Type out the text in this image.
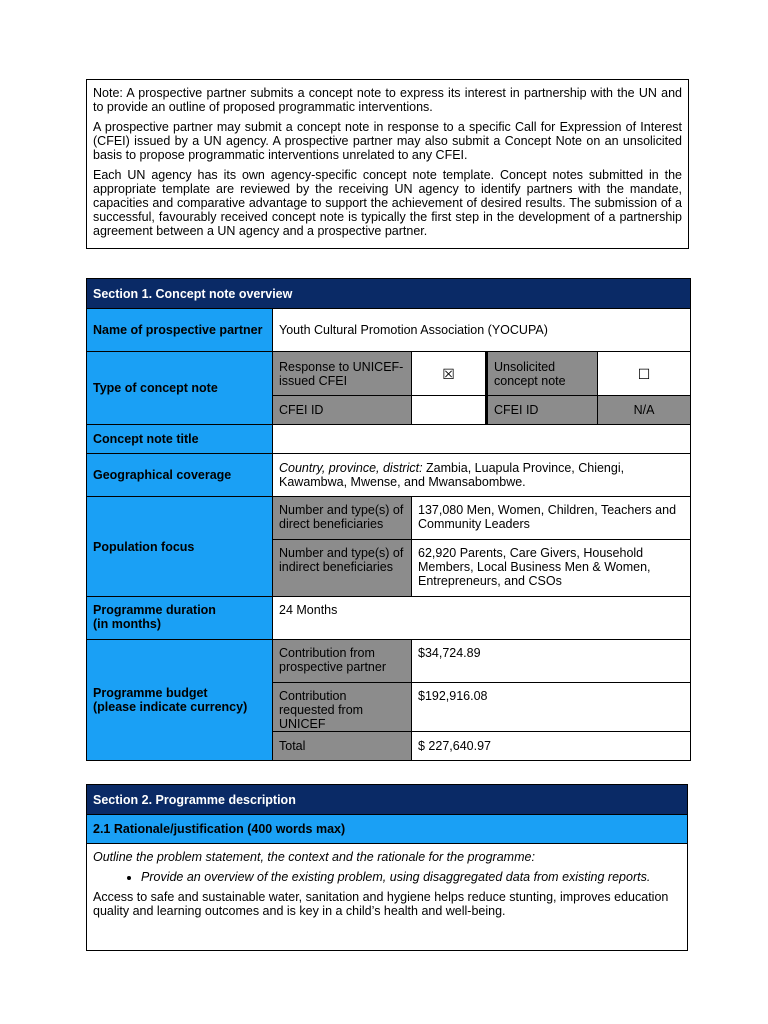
Note: A prospective partner submits a concept note to express its interest in partnership with the UN and to provide an outline of proposed programmatic interventions.

A prospective partner may submit a concept note in response to a specific Call for Expression of Interest (CFEI) issued by a UN agency. A prospective partner may also submit a Concept Note on an unsolicited basis to propose programmatic interventions unrelated to any CFEI.

Each UN agency has its own agency-specific concept note template. Concept notes submitted in the appropriate template are reviewed by the receiving UN agency to identify partners with the mandate, capacities and comparative advantage to support the achievement of desired results. The submission of a successful, favourably received concept note is typically the first step in the development of a partnership agreement between a UN agency and a prospective partner.

Section 1. Concept note overview				
Name of prospective partner	Youth Cultural Promotion Association (YOCUPA)			
Type of concept note	Response to UNICEF-issued CFEI	☒	Unsolicited concept note	☐
	CFEI ID		CFEI ID	N/A
Concept note title				
Geographical coverage	Country, province, district: Zambia, Luapula Province, Chiengi, Kawambwa, Mwense, and Mwansabombwe.			
Population focus	Number and type(s) of direct beneficiaries	137,080 Men, Women, Children, Teachers and Community Leaders		
	Number and type(s) of indirect beneficiaries	62,920 Parents, Care Givers, Household Members, Local Business Men & Women, Entrepreneurs, and CSOs		
Programme duration
(in months)	24 Months			
Programme budget
(please indicate currency)	Contribution from prospective partner	$34,724.89		
	Contribution requested from UNICEF	$192,916.08		
	Total	$ 227,640.97		
Section 2. Programme description
2.1 Rationale/justification (400 words max)

Outline the problem statement, the context and the rationale for the programme:

• Provide an overview of the existing problem, using disaggregated data from existing reports.

Access to safe and sustainable water, sanitation and hygiene helps reduce stunting, improves education quality and learning outcomes and is key in a child’s health and well-being.
